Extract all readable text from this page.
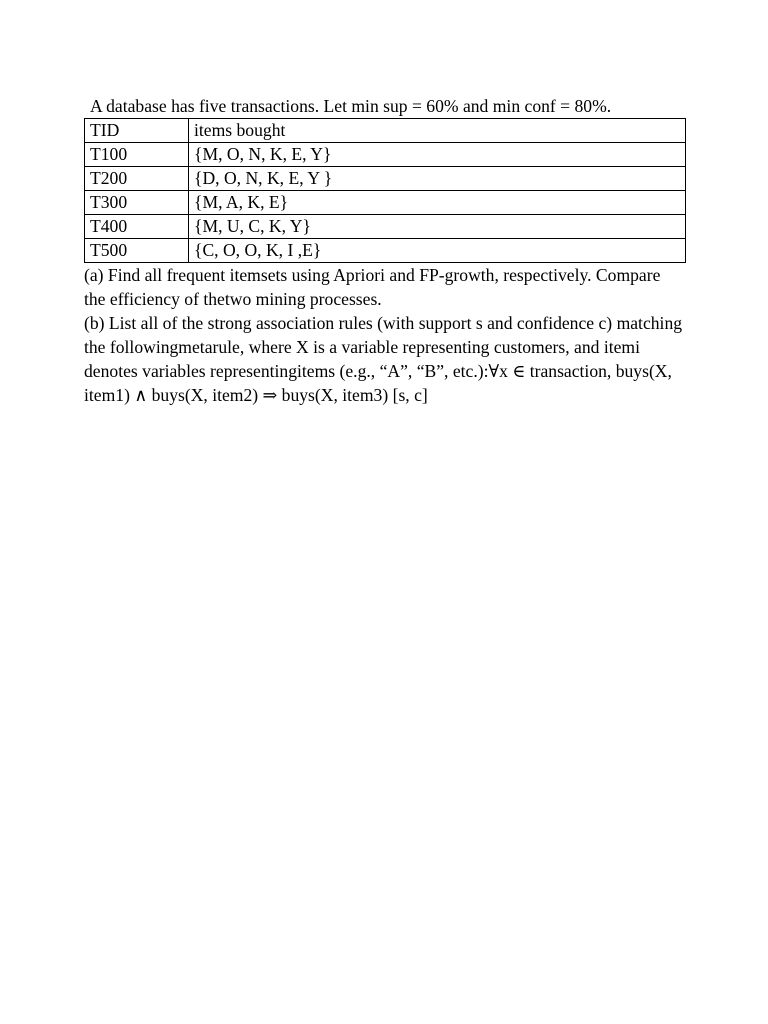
A database has five transactions. Let min sup = 60% and min conf = 80%.

TID	items bought
T100	{M, O, N, K, E, Y}
T200	{D, O, N, K, E, Y }
T300	{M, A, K, E}
T400	{M, U, C, K, Y}
T500	{C, O, O, K, I ,E}

(a) Find all frequent itemsets using Apriori and FP-growth, respectively. Compare the efficiency of thetwo mining processes.

(b) List all of the strong association rules (with support s and confidence c) matching the followingmetarule, where X is a variable representing customers, and itemi denotes variables representingitems (e.g., “A”, “B”, etc.):∀x ∈ transaction, buys(X, item1) ∧ buys(X, item2) ⇒ buys(X, item3) [s, c]
